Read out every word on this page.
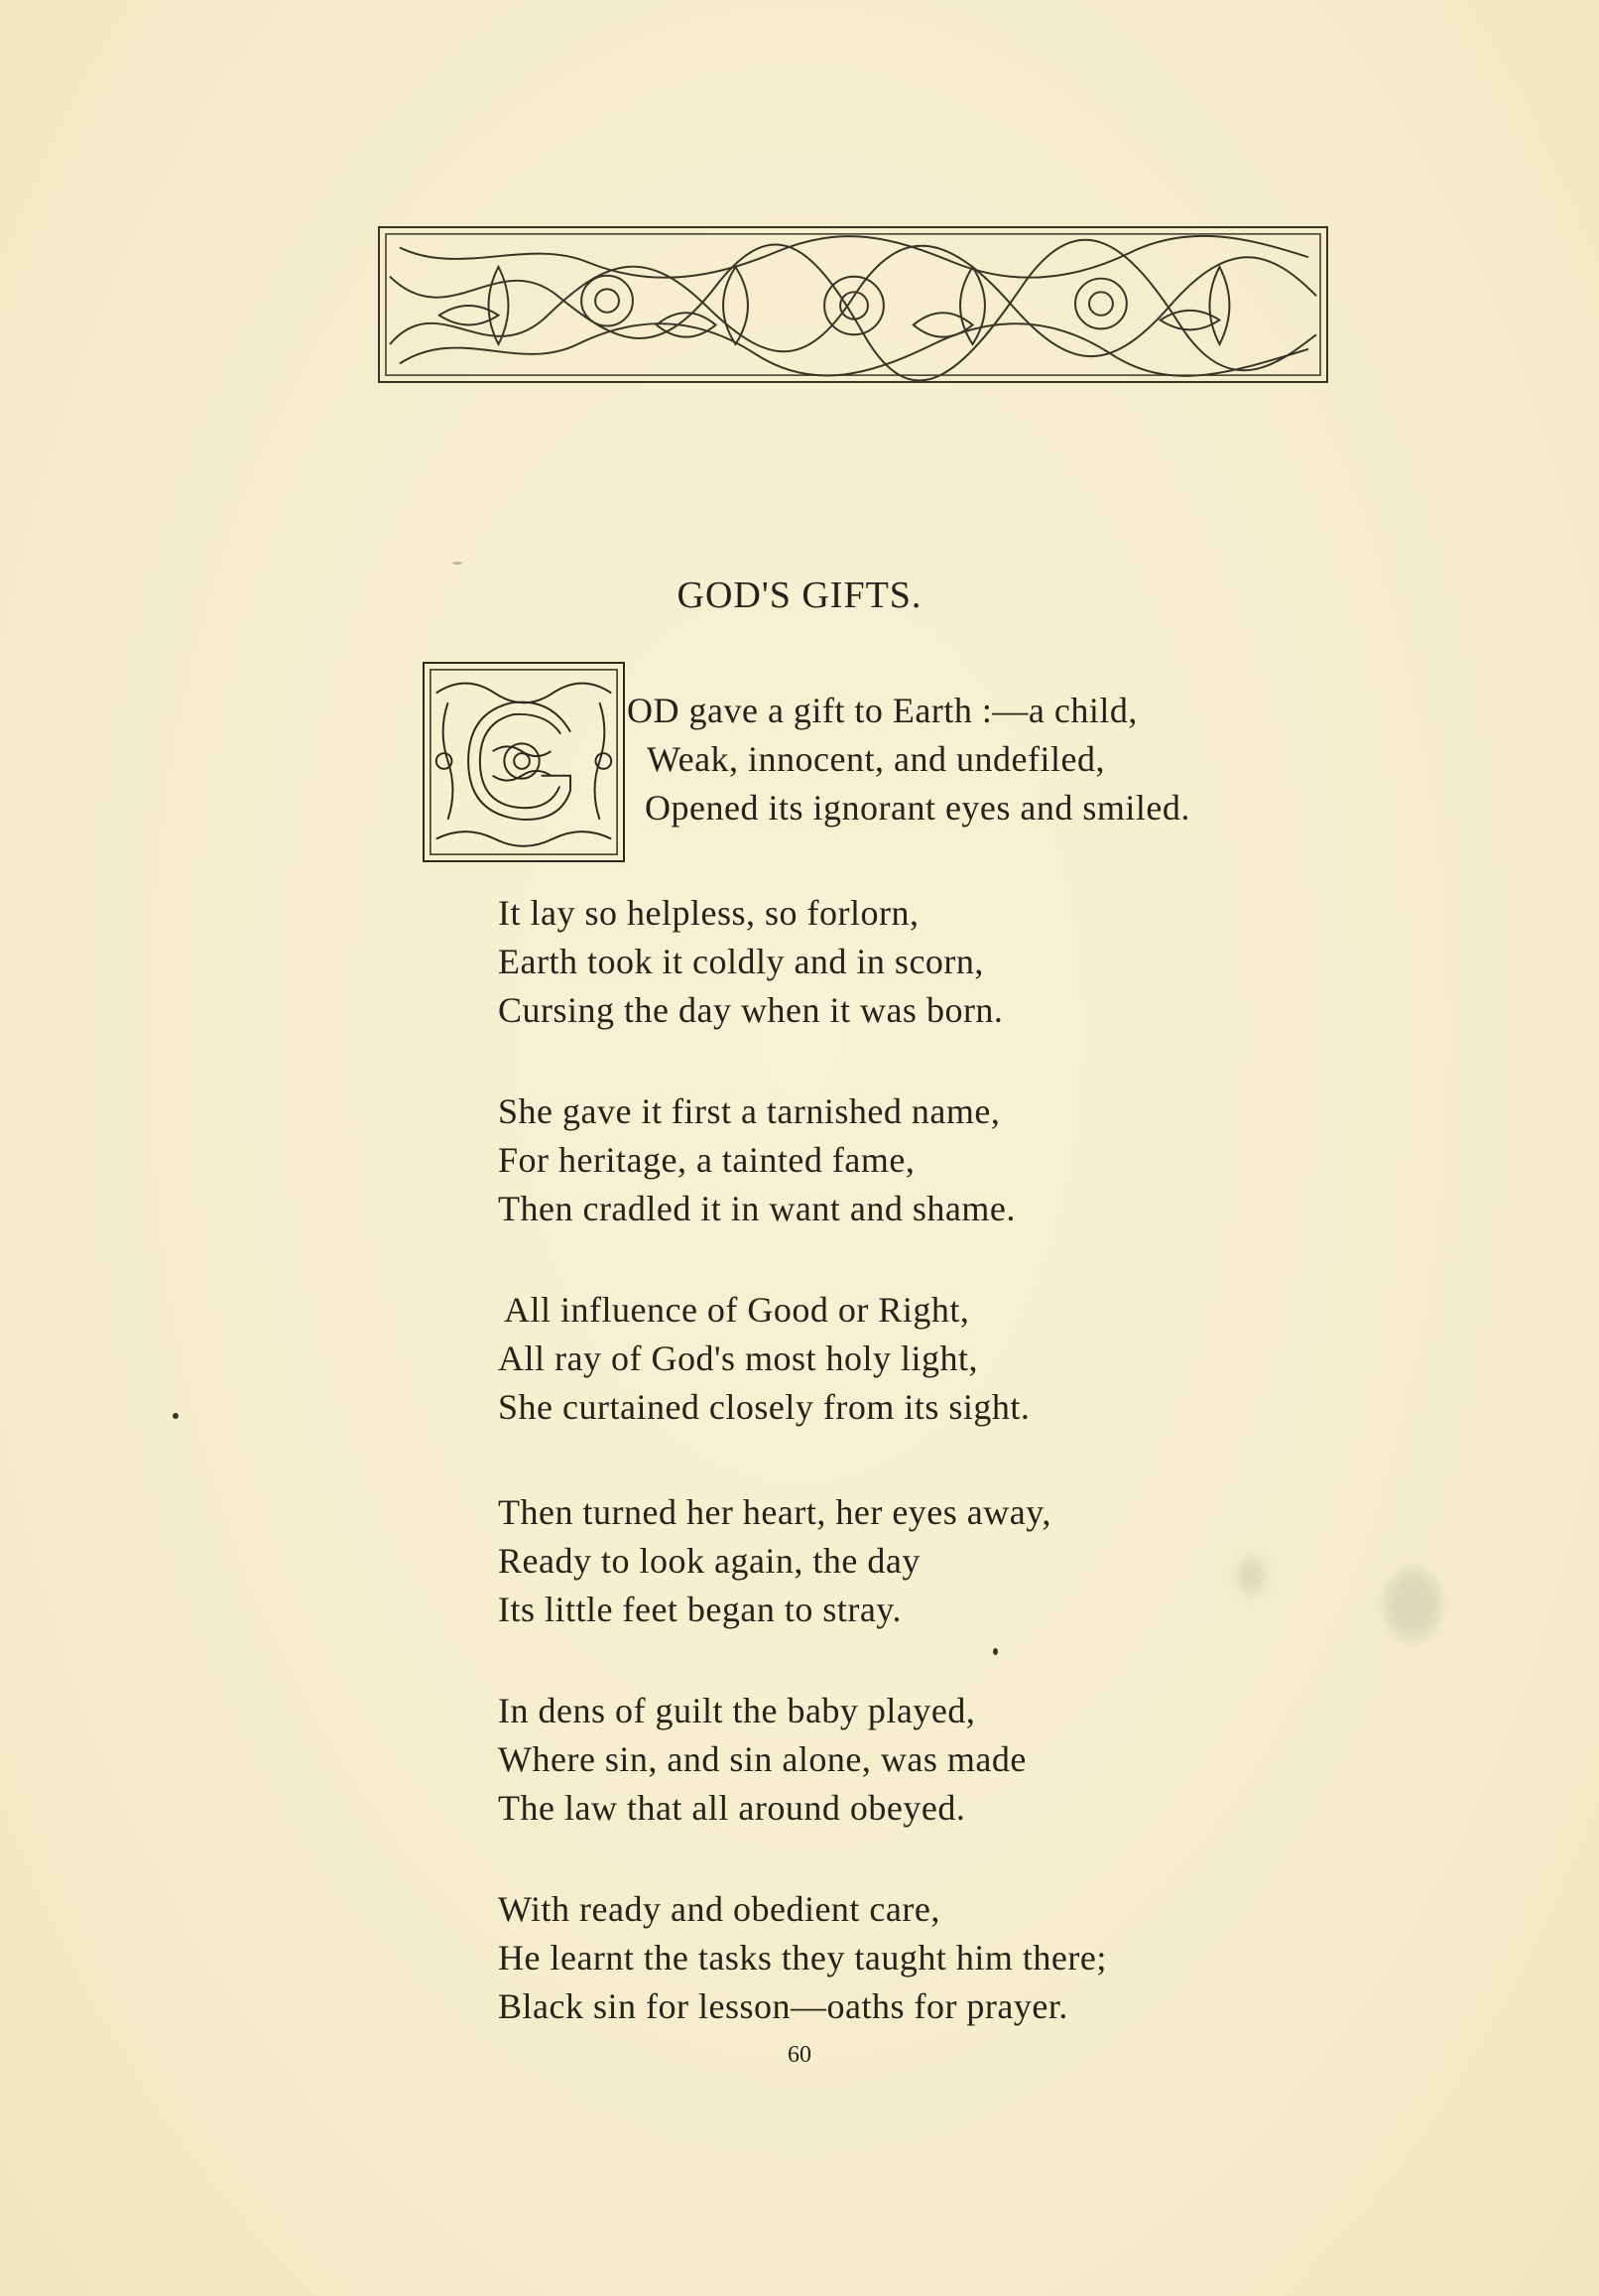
GOD'S GIFTS.
OD gave a gift to Earth :—a child,
Weak, innocent, and undefiled,
Opened its ignorant eyes and smiled.
It lay so helpless, so forlorn,
Earth took it coldly and in scorn,
Cursing the day when it was born.
She gave it first a tarnished name,
For heritage, a tainted fame,
Then cradled it in want and shame.
All influence of Good or Right,
All ray of God's most holy light,
She curtained closely from its sight.
Then turned her heart, her eyes away,
Ready to look again, the day
Its little feet began to stray.
In dens of guilt the baby played,
Where sin, and sin alone, was made
The law that all around obeyed.
With ready and obedient care,
He learnt the tasks they taught him there;
Black sin for lesson—oaths for prayer.
60
